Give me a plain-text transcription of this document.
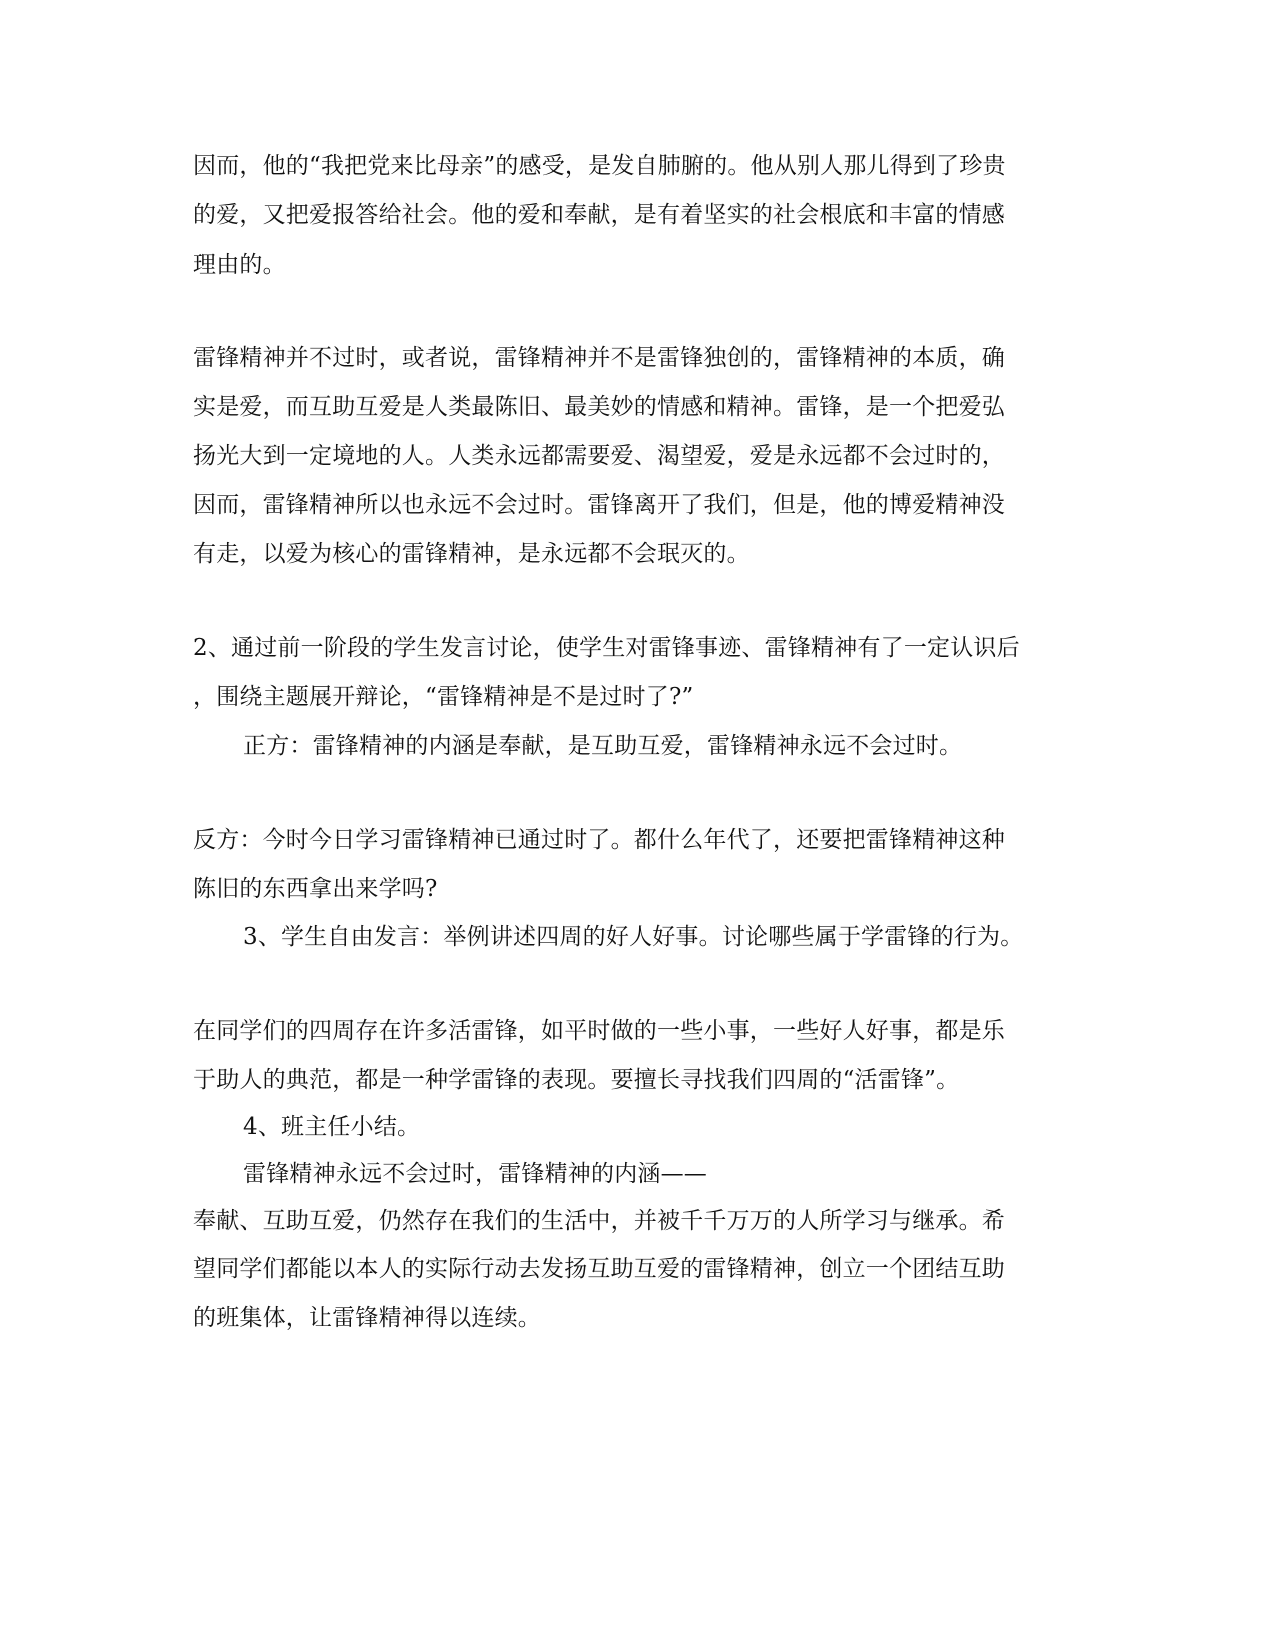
因而，他的“我把党来比母亲”的感受，是发自肺腑的。他从别人那儿得到了珍贵
的爱，又把爱报答给社会。他的爱和奉献，是有着坚实的社会根底和丰富的情感
理由的。
雷锋精神并不过时，或者说，雷锋精神并不是雷锋独创的，雷锋精神的本质，确
实是爱，而互助互爱是人类最陈旧、最美妙的情感和精神。雷锋，是一个把爱弘
扬光大到一定境地的人。人类永远都需要爱、渴望爱，爱是永远都不会过时的，
因而，雷锋精神所以也永远不会过时。雷锋离开了我们，但是，他的博爱精神没
有走，以爱为核心的雷锋精神，是永远都不会珉灭的。
2、通过前一阶段的学生发言讨论，使学生对雷锋事迹、雷锋精神有了一定认识后
，围绕主题展开辩论，“雷锋精神是不是过时了?”
正方：雷锋精神的内涵是奉献，是互助互爱，雷锋精神永远不会过时。
反方：今时今日学习雷锋精神已通过时了。都什么年代了，还要把雷锋精神这种
陈旧的东西拿出来学吗?
3、学生自由发言：举例讲述四周的好人好事。讨论哪些属于学雷锋的行为。
在同学们的四周存在许多活雷锋，如平时做的一些小事，一些好人好事，都是乐
于助人的典范，都是一种学雷锋的表现。要擅长寻找我们四周的“活雷锋”。
4、班主任小结。
雷锋精神永远不会过时，雷锋精神的内涵——
奉献、互助互爱，仍然存在我们的生活中，并被千千万万的人所学习与继承。希
望同学们都能以本人的实际行动去发扬互助互爱的雷锋精神，创立一个团结互助
的班集体，让雷锋精神得以连续。
